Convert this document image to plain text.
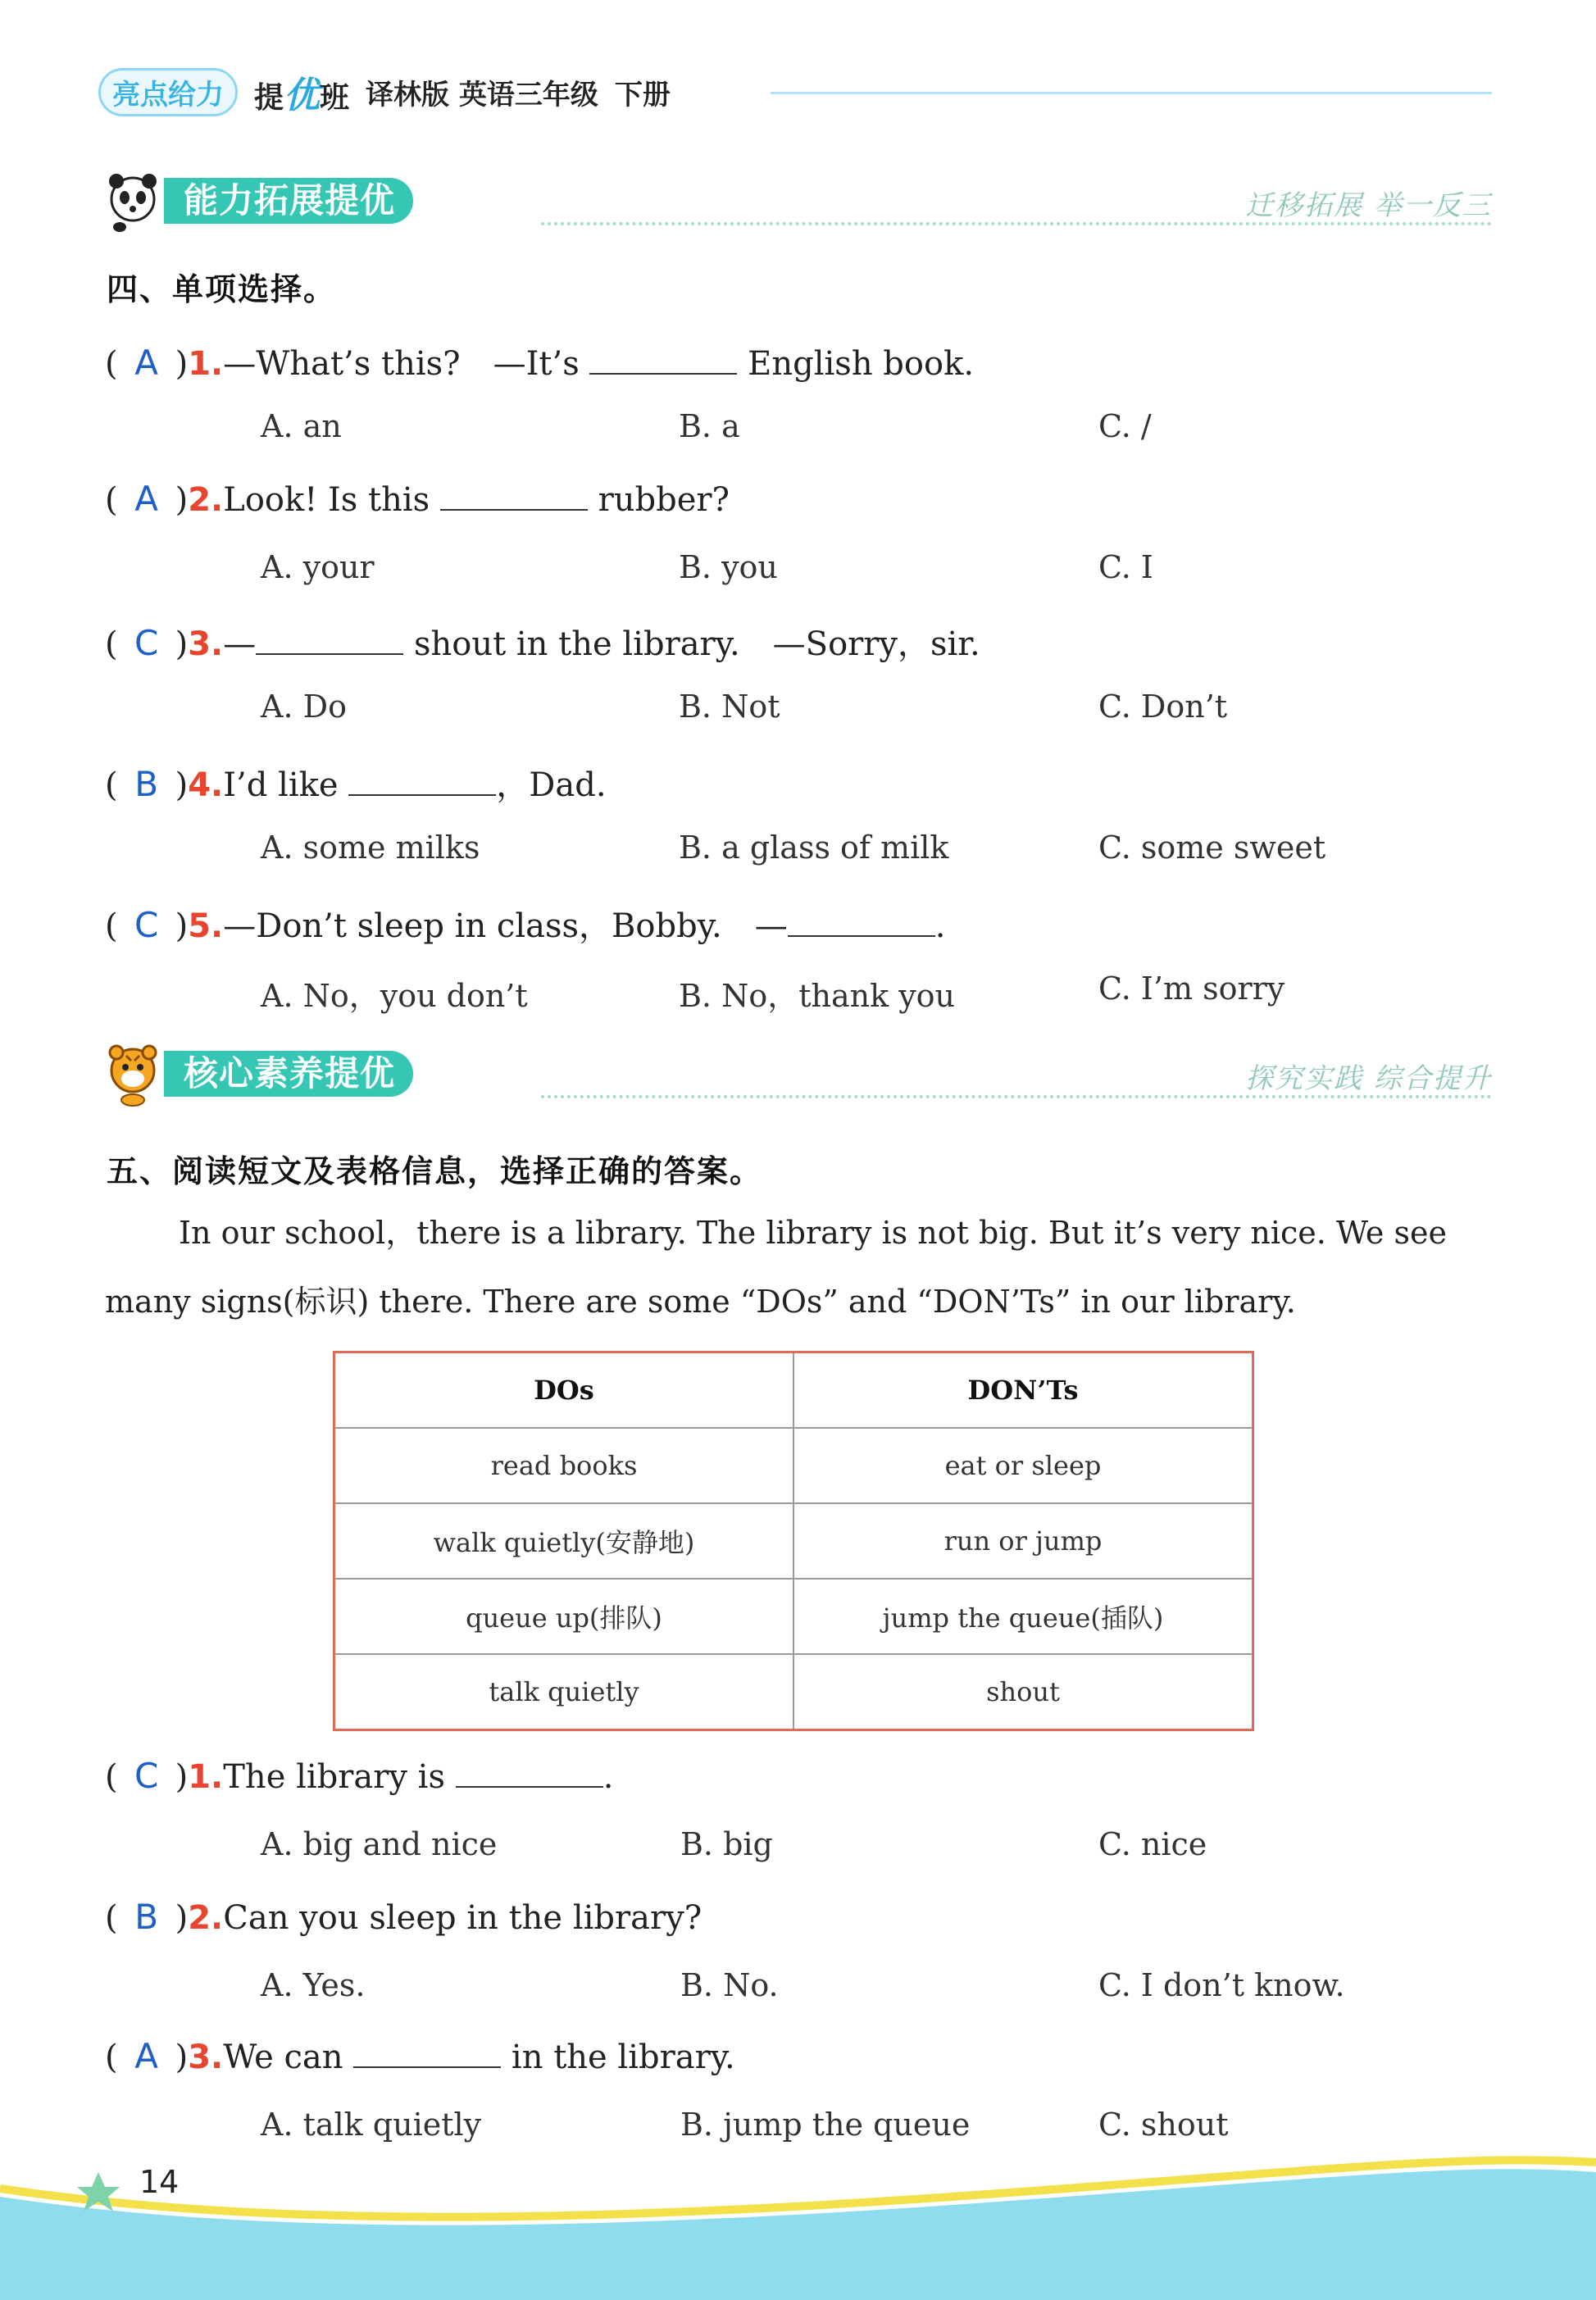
亮点给力	提优班 译林版 英语三年级 下册
能力拓展提优	迁移拓展 举一反三
四、单项选择。
( A )1.—What’s this?　—It’s	English book.
A. an	B. a	C. /
( A )2.Look! Is this	rubber?
A. your	B. you	C. I
( C )3.—	shout in the library.　—Sorry，sir.
A. Do	B. Not	C. Don’t
( B )4.I’d like	，Dad.
A. some milks	B. a glass of milk	C. some sweet
( C )5.—Don’t sleep in class，Bobby.　—	.
A. No，you don’t	B. No，thank you	C. I’m sorry
核心素养提优	探究实践 综合提升
五、阅读短文及表格信息，选择正确的答案。
In our school，there is a library. The library is not big. But it’s very nice. We see many signs(标识) there. There are some “DOs” and “DON’Ts” in our library.
DOs	DON’Ts
read books	eat or sleep
walk quietly(安静地)	run or jump
queue up(排队)	jump the queue(插队)
talk quietly	shout
( C )1.The library is	.
A. big and nice	B. big	C. nice
( B )2.Can you sleep in the library?
A. Yes.	B. No.	C. I don’t know.
( A )3.We can	in the library.
A. talk quietly	B. jump the queue	C. shout
14
